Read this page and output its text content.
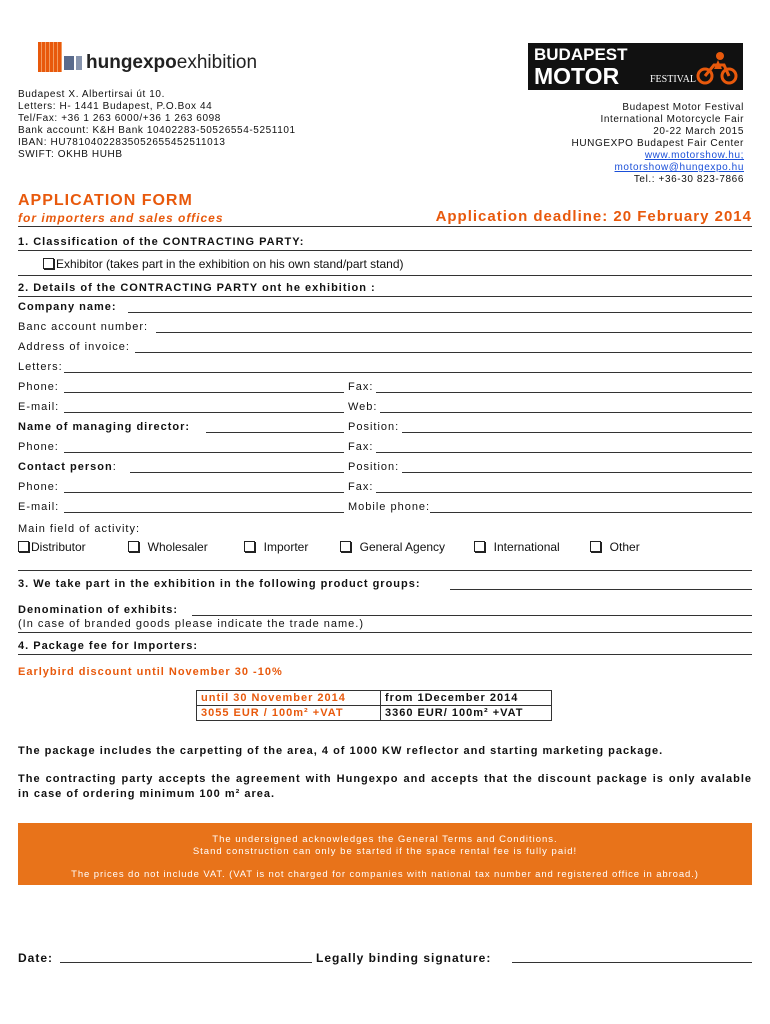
hungexpoexhibition
Budapest X. Albertirsai út 10.
Letters: H- 1441 Budapest, P.O.Box 44
Tel/Fax: +36 1 263 6000/+36 1 263 6098
Bank account: K&H Bank 10402283-50526554-5251101
IBAN: HU78104022835052655452511013
SWIFT: OKHB HUHB
BUDAPEST
MOTOR	FESTIVAL
Budapest Motor Festival
International Motorcycle Fair
20-22 March 2015
HUNGEXPO Budapest Fair Center
www.motorshow.hu;
motorshow@hungexpo.hu
Tel.: +36-30 823-7866
APPLICATION FORM
for importers and sales offices	Application deadline: 20 February 2014
1. Classification of the CONTRACTING PARTY:
Exhibitor (takes part in the exhibition on his own stand/part stand)
2. Details of the CONTRACTING PARTY ont he exhibition :
Company name:
Banc account number:
Address of invoice:
Letters:
Phone:	Fax:
E-mail:	Web:
Name of managing director:	Position:
Phone:	Fax:
Contact person:	Position:
Phone:	Fax:
E-mail:	Mobile phone:
Main field of activity:
Distributor	Wholesaler	Importer	General Agency	International	Other
3. We take part in the exhibition in the following product groups:
Denomination of exhibits:
(In case of branded goods please indicate the trade name.)
4. Package fee for Importers:
Earlybird discount until November 30 -10%
until 30 November 2014	from 1December 2014
3055 EUR / 100m² +VAT	3360 EUR/ 100m² +VAT
The package includes the carpetting of the area, 4 of 1000 KW reflector and starting marketing package.
The contracting party accepts the agreement with Hungexpo and accepts that the discount package is only avalable in case of ordering minimum 100 m² area.
The undersigned acknowledges the General Terms and Conditions.
Stand construction can only be started if the space rental fee is fully paid!
The prices do not include VAT. (VAT is not charged for companies with national tax number and registered office in abroad.)
Date:	Legally binding signature:
